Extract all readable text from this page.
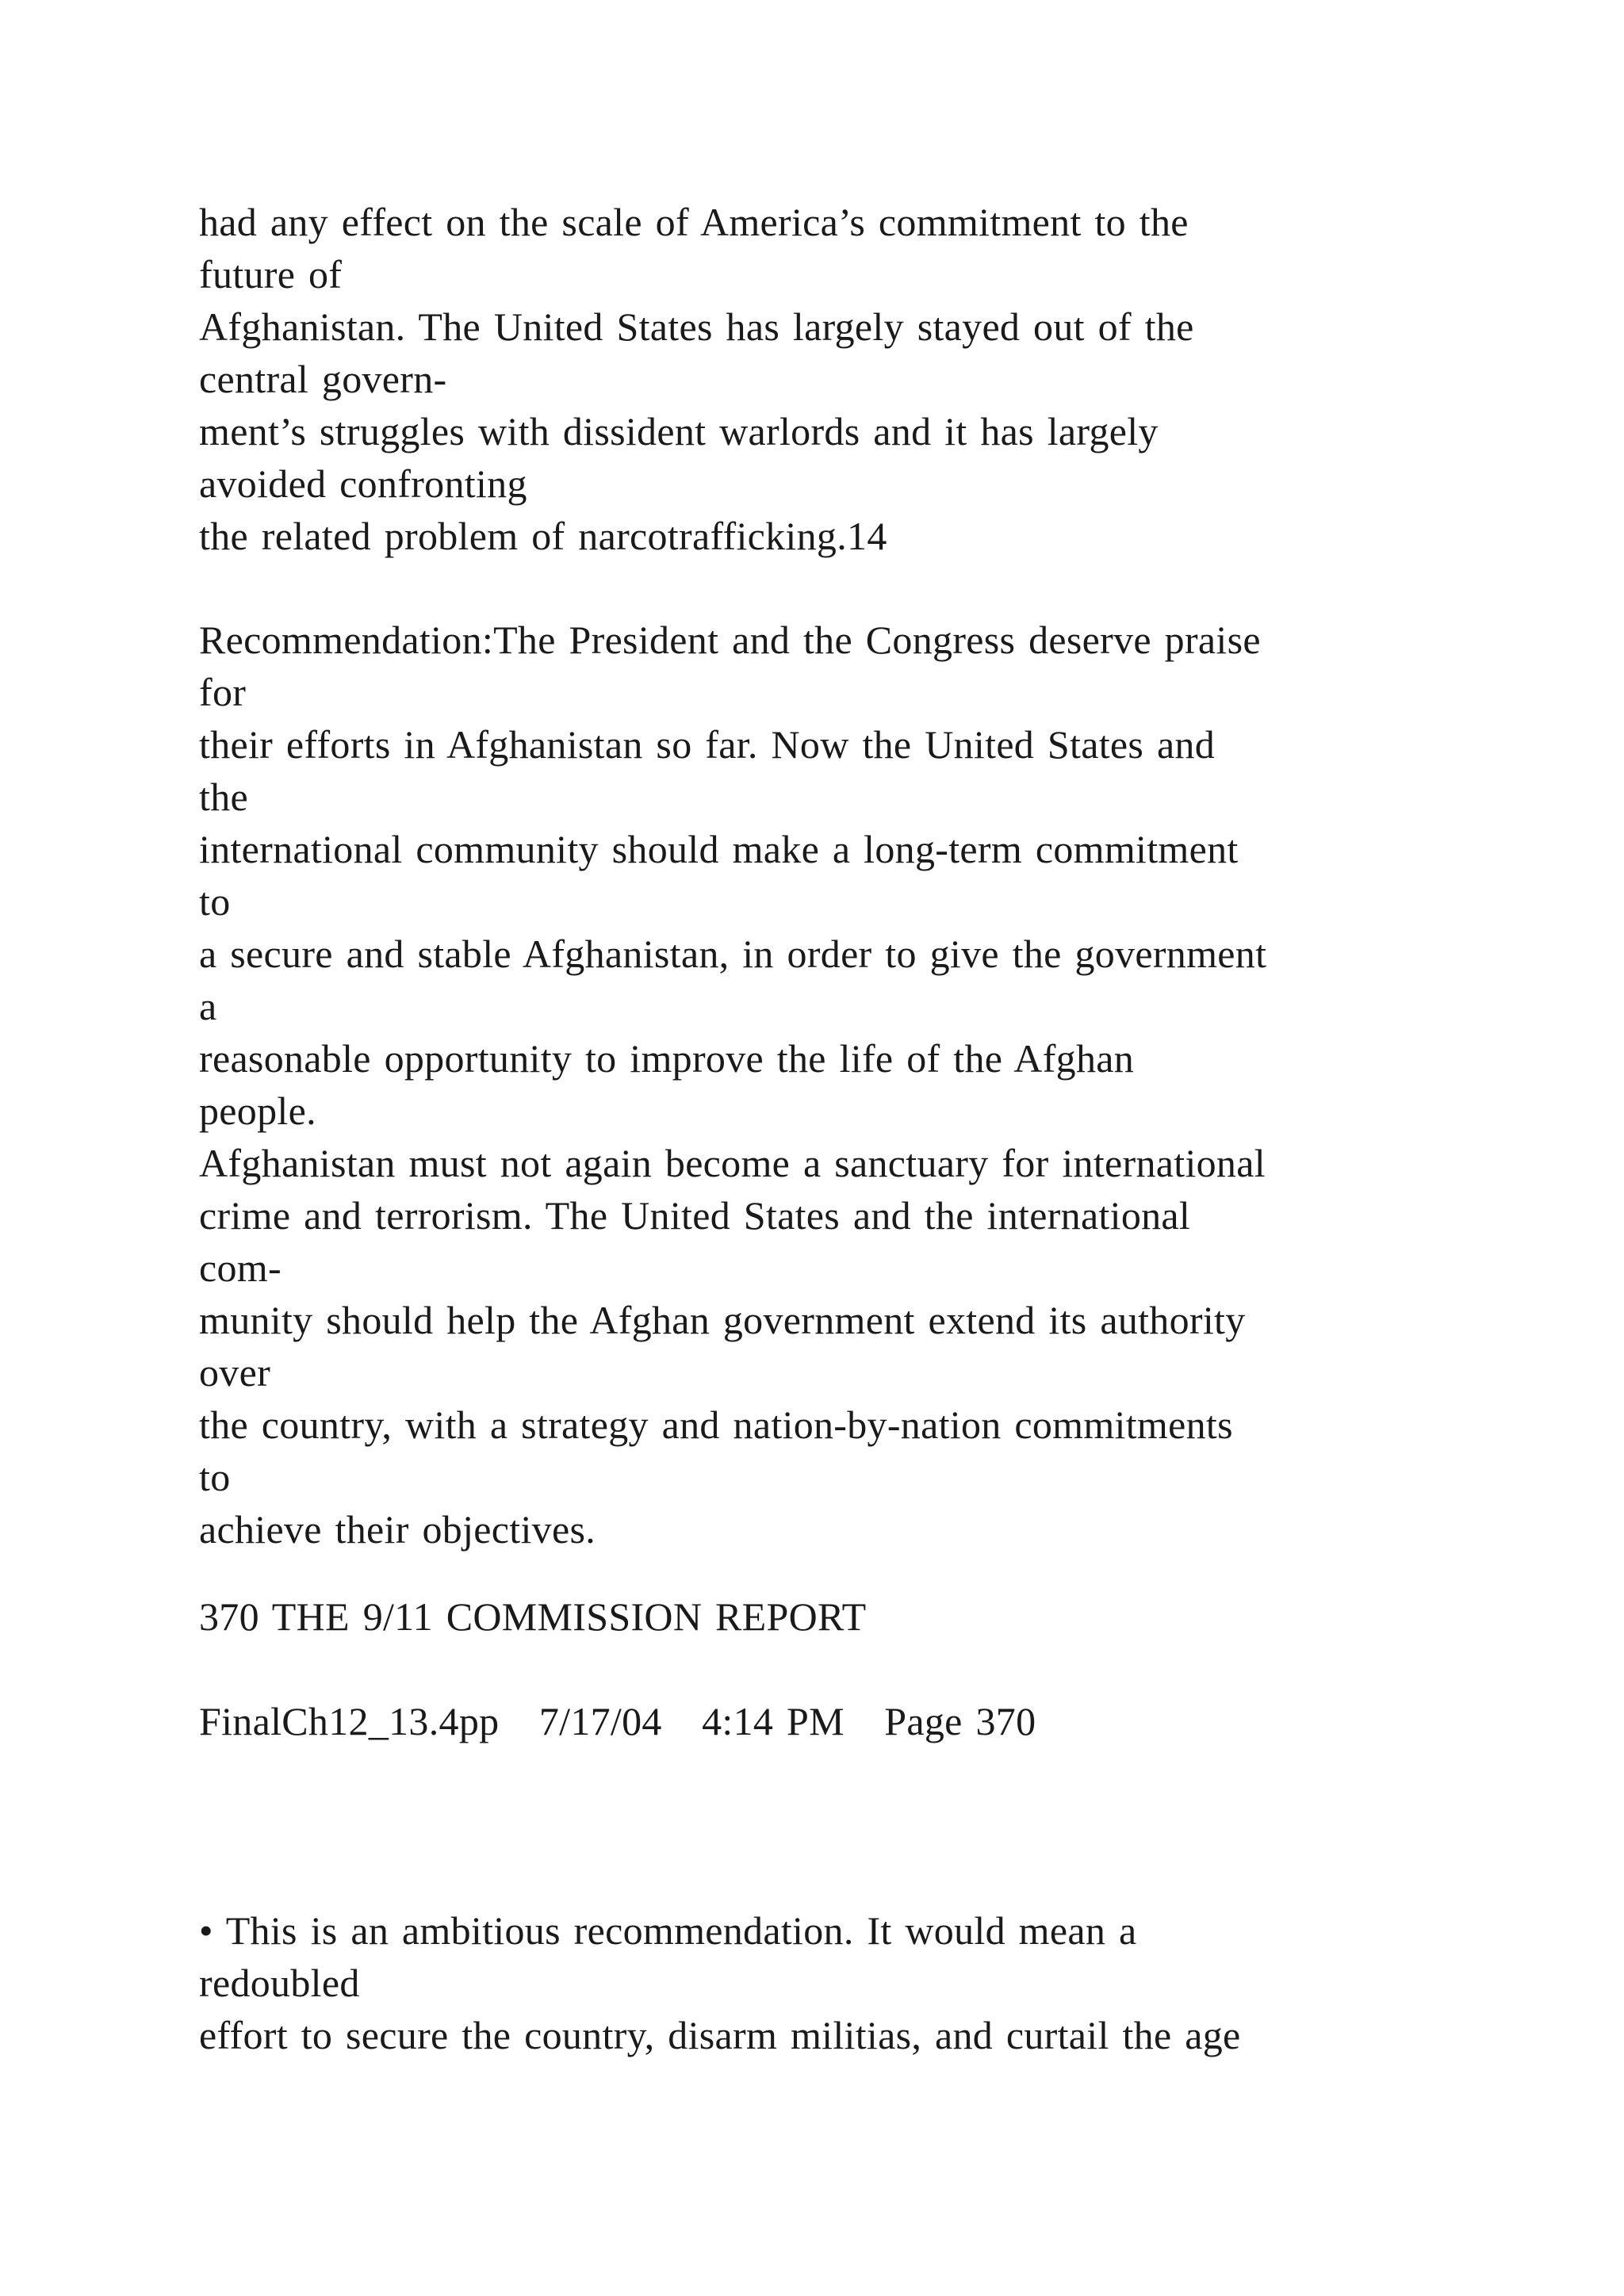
had any effect on the scale of America’s commitment to the
future of
Afghanistan. The United States has largely stayed out of the
central govern-
ment’s struggles with dissident warlords and it has largely
avoided confronting
the related problem of narcotrafficking.14
Recommendation:The President and the Congress deserve praise
for
their efforts in Afghanistan so far. Now the United States and
the
international community should make a long-term commitment
to
a secure and stable Afghanistan, in order to give the government
a
reasonable opportunity to improve the life of the Afghan
people.
Afghanistan must not again become a sanctuary for international
crime and terrorism. The United States and the international
com-
munity should help the Afghan government extend its authority
over
the country, with a strategy and nation-by-nation commitments
to
achieve their objectives.
370 THE 9/11 COMMISSION REPORT
FinalCh12_13.4pp   7/17/04   4:14 PM   Page 370
• This is an ambitious recommendation. It would mean a
redoubled
effort to secure the country, disarm militias, and curtail the age
